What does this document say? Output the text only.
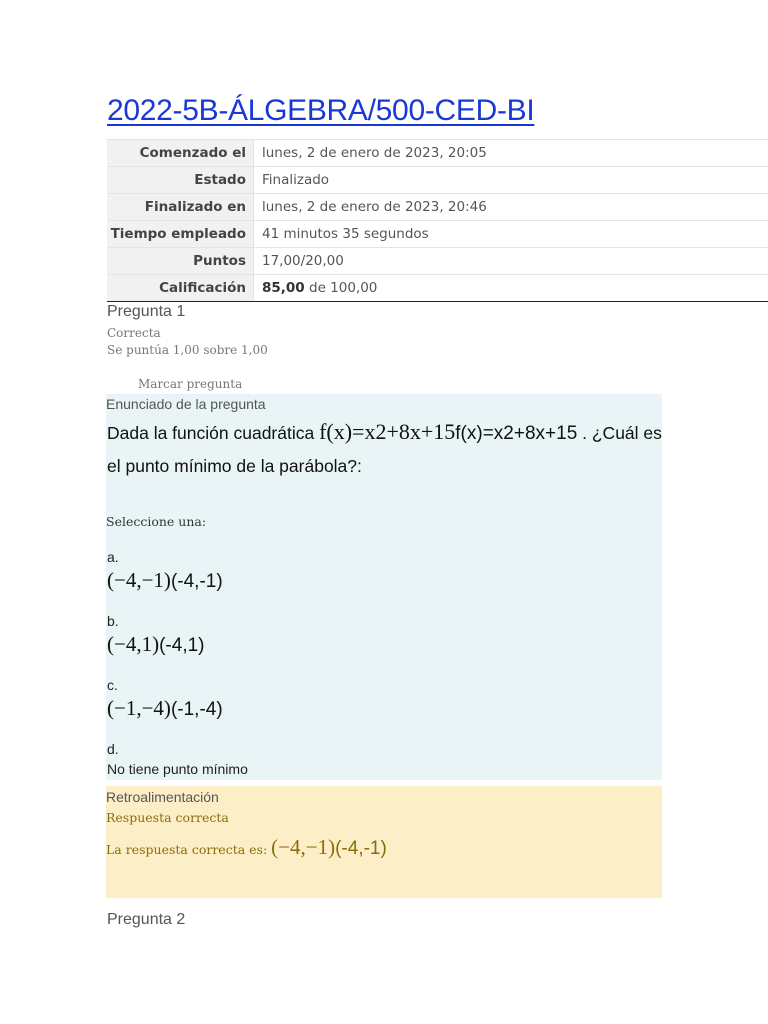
2022-5B-ÁLGEBRA/500-CED-BI
Comenzado el	lunes, 2 de enero de 2023, 20:05
Estado	Finalizado
Finalizado en	lunes, 2 de enero de 2023, 20:46
Tiempo empleado	41 minutos 35 segundos
Puntos	17,00/20,00
Calificación	85,00 de 100,00
Pregunta 1
Correcta
Se puntúa 1,00 sobre 1,00
Marcar pregunta
Enunciado de la pregunta
Dada la función cuadrática f(x)=x2+8x+15f(x)=x2+8x+15 . ¿Cuál es el punto mínimo de la parábola?:
Seleccione una:
a.
(−4,−1)(-4,-1)
b.
(−4,1)(-4,1)
c.
(−1,−4)(-1,-4)
d.
No tiene punto mínimo
Retroalimentación
Respuesta correcta
La respuesta correcta es: (−4,−1)(-4,-1)
Pregunta 2
